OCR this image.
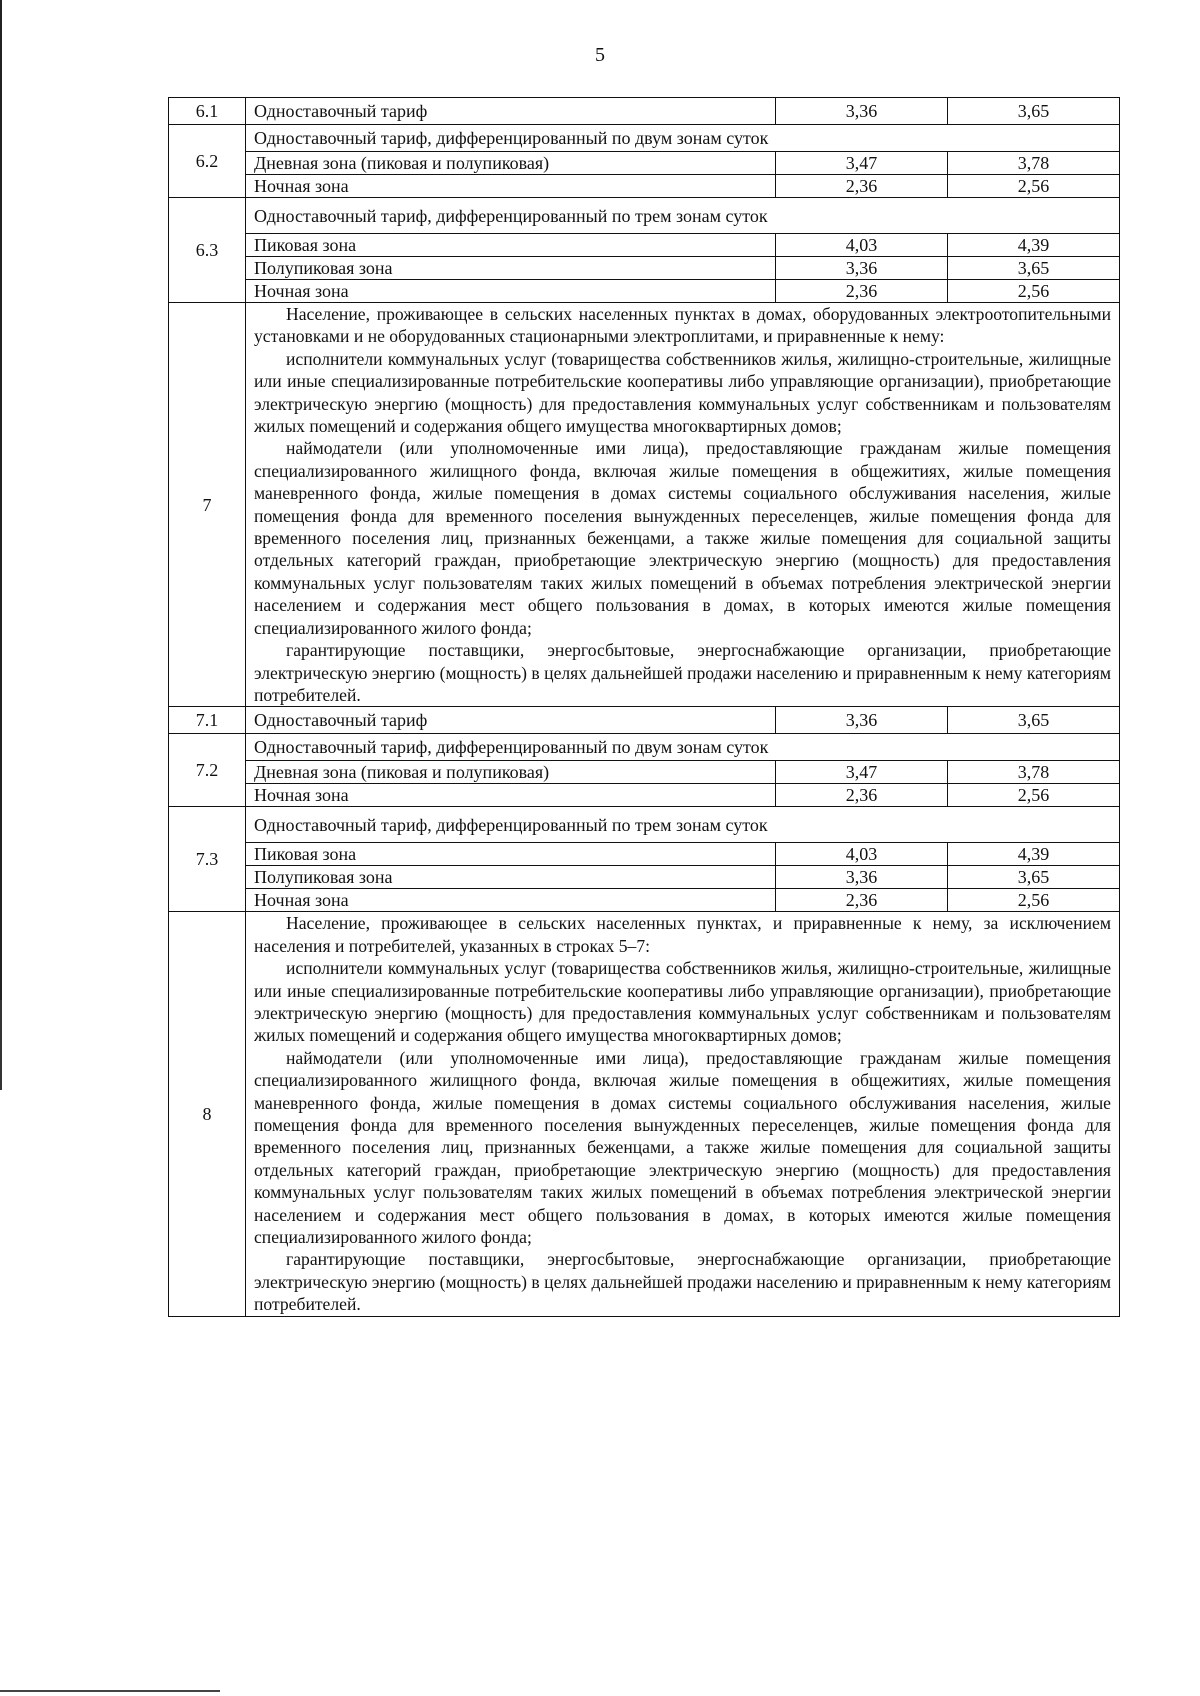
5
6.1	Одноставочный тариф	3,36	3,65
6.2	Одноставочный тариф, дифференцированный по двум зонам суток		
	Дневная зона (пиковая и полупиковая)	3,47	3,78
	Ночная зона	2,36	2,56
6.3	Одноставочный тариф, дифференцированный по трем зонам суток		
	Пиковая зона	4,03	4,39
	Полупиковая зона	3,36	3,65
	Ночная зона	2,36	2,56
7	Население, проживающее в сельских населенных пунктах в домах, оборудованных электроотопительными установками и не оборудованных стационарными электроплитами, и приравненные к нему:

исполнители коммунальных услуг (товарищества собственников жилья, жилищно-строительные, жилищные или иные специализированные потребительские кооперативы либо управляющие организации), приобретающие электрическую энергию (мощность) для предоставления коммунальных услуг собственникам и пользователям жилых помещений и содержания общего имущества многоквартирных домов;

наймодатели (или уполномоченные ими лица), предоставляющие гражданам жилые помещения специализированного жилищного фонда, включая жилые помещения в общежитиях, жилые помещения маневренного фонда, жилые помещения в домах системы социального обслуживания населения, жилые помещения фонда для временного поселения вынужденных переселенцев, жилые помещения фонда для временного поселения лиц, признанных беженцами, а также жилые помещения для социальной защиты отдельных категорий граждан, приобретающие электрическую энергию (мощность) для предоставления коммунальных услуг пользователям таких жилых помещений в объемах потребления электрической энергии населением и содержания мест общего пользования в домах, в которых имеются жилые помещения специализированного жилого фонда;

гарантирующие поставщики, энергосбытовые, энергоснабжающие организации, приобретающие электрическую энергию (мощность) в целях дальнейшей продажи населению и приравненным к нему категориям потребителей.		

7.1	Одноставочный тариф	3,36	3,65
7.2	Одноставочный тариф, дифференцированный по двум зонам суток		
	Дневная зона (пиковая и полупиковая)	3,47	3,78
	Ночная зона	2,36	2,56
7.3	Одноставочный тариф, дифференцированный по трем зонам суток		
	Пиковая зона	4,03	4,39
	Полупиковая зона	3,36	3,65
	Ночная зона	2,36	2,56
8	Население, проживающее в сельских населенных пунктах, и приравненные к нему, за исключением населения и потребителей, указанных в строках 5–7:

исполнители коммунальных услуг (товарищества собственников жилья, жилищно-строительные, жилищные или иные специализированные потребительские кооперативы либо управляющие организации), приобретающие электрическую энергию (мощность) для предоставления коммунальных услуг собственникам и пользователям жилых помещений и содержания общего имущества многоквартирных домов;

наймодатели (или уполномоченные ими лица), предоставляющие гражданам жилые помещения специализированного жилищного фонда, включая жилые помещения в общежитиях, жилые помещения маневренного фонда, жилые помещения в домах системы социального обслуживания населения, жилые помещения фонда для временного поселения вынужденных переселенцев, жилые помещения фонда для временного поселения лиц, признанных беженцами, а также жилые помещения для социальной защиты отдельных категорий граждан, приобретающие электрическую энергию (мощность) для предоставления коммунальных услуг пользователям таких жилых помещений в объемах потребления электрической энергии населением и содержания мест общего пользования в домах, в которых имеются жилые помещения специализированного жилого фонда;

гарантирующие поставщики, энергосбытовые, энергоснабжающие организации, приобретающие электрическую энергию (мощность) в целях дальнейшей продажи населению и приравненным к нему категориям потребителей.		
